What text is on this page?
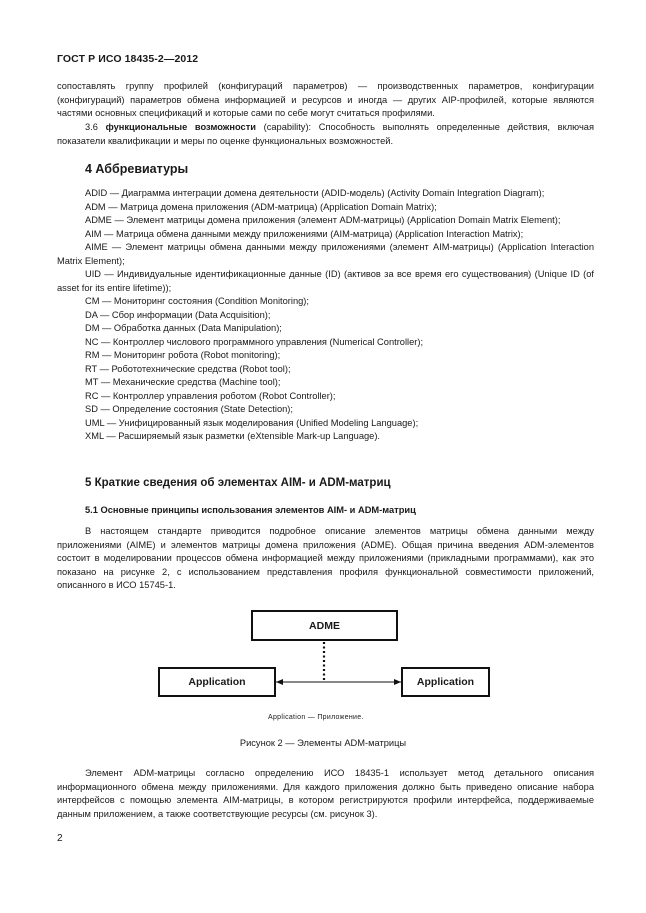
ГОСТ Р ИСО 18435-2—2012
сопоставлять группу профилей (конфигураций параметров) — производственных параметров, конфигурации (конфигураций) параметров обмена информацией и ресурсов и иногда — других AIP-профилей, которые являются частями основных спецификаций и которые сами по себе могут считаться профилями.
3.6 функциональные возможности (capability): Способность выполнять определенные действия, включая показатели квалификации и меры по оценке функциональных возможностей.
4 Аббревиатуры

ADID — Диаграмма интеграции домена деятельности (ADID-модель) (Activity Domain Integration Diagram);

ADM — Матрица домена приложения (ADM-матрица) (Application Domain Matrix);

ADME — Элемент матрицы домена приложения (элемент ADM-матрицы) (Application Domain Matrix Element);

AIM — Матрица обмена данными между приложениями (AIM-матрица) (Application Interaction Matrix);

AIME — Элемент матрицы обмена данными между приложениями (элемент AIM-матрицы) (Application Interaction Matrix Element);

UID — Индивидуальные идентификационные данные (ID) (активов за все время его существования) (Unique ID (of asset for its entire lifetime));

CM — Мониторинг состояния (Condition Monitoring);

DA — Сбор информации (Data Acquisition);

DM — Обработка данных (Data Manipulation);

NC — Контроллер числового программного управления (Numerical Controller);

RM — Мониторинг робота (Robot monitoring);

RT — Робототехнические средства (Robot tool);

MT — Механические средства (Machine tool);

RC — Контроллер управления роботом (Robot Controller);

SD — Определение состояния (State Detection);

UML — Унифицированный язык моделирования (Unified Modeling Language);

XML — Расширяемый язык разметки (eXtensible Mark-up Language).

5 Краткие сведения об элементах AIM- и ADM-матриц
5.1 Основные принципы использования элементов AIM- и ADM-матриц
В настоящем стандарте приводится подробное описание элементов матрицы обмена данными между приложениями (AIME) и элементов матрицы домена приложения (ADME). Общая причина введения ADM-элементов состоит в моделировании процессов обмена информацией между приложениями (прикладными программами), как это показано на рисунке 2, с использованием представления профиля функциональной совместимости приложений, описанного в ИСО 15745-1.
ADME
Application	Application
Application — Приложение.
Рисунок 2 — Элементы ADM-матрицы
Элемент ADM-матрицы согласно определению ИСО 18435-1 использует метод детального описания информационного обмена между приложениями. Для каждого приложения должно быть приведено описание набора интерфейсов с помощью элемента AIM-матрицы, в котором регистрируются профили интерфейса, поддерживаемые данным приложением, а также соответствующие ресурсы (см. рисунок 3).
2
